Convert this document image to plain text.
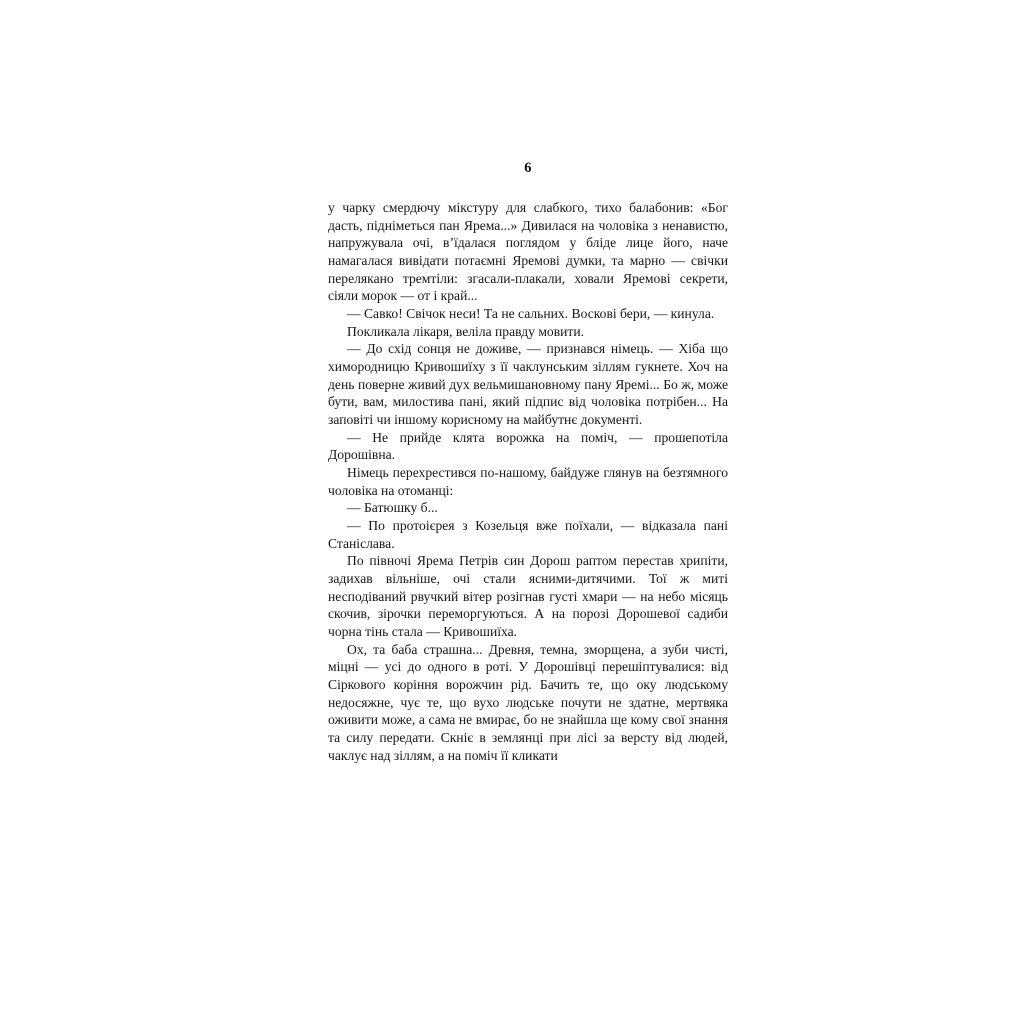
6

у чарку смердючу мікстуру для слабкого, тихо балабонив: «Бог дасть, підніметься пан Ярема...» Дивилася на чоловіка з ненавистю, напружувала очі, в’їдалася поглядом у бліде лице його, наче намагалася вивідати потаємні Яремові думки, та марно — свічки перелякано тремтіли: згасали-плакали, ховали Яремові секрети, сіяли морок — от і край...

— Савко! Свічок неси! Та не сальних. Воскові бери, — кинула.

Покликала лікаря, веліла правду мовити.

— До схід сонця не доживе, — признався німець. — Хіба що химородницю Кривошиїху з її чаклунським зіллям гукнете. Хоч на день поверне живий дух вельмишановному пану Яремі... Бо ж, може бути, вам, милостива пані, який підпис від чоловіка потрібен... На заповіті чи іншому корисному на майбутнє документі.

— Не прийде клята ворожка на поміч, — прошепотіла Дорошівна.

Німець перехрестився по-нашому, байдуже глянув на безтямного чоловіка на отоманці:

— Батюшку б...

— По протоієрея з Козельця вже поїхали, — відказала пані Станіслава.

По півночі Ярема Петрів син Дорош раптом перестав хрипіти, задихав вільніше, очі стали ясними-дитячими. Тої ж миті несподіваний рвучкий вітер розігнав густі хмари — на небо місяць скочив, зірочки переморгуються. А на порозі Дорошевої садиби чорна тінь стала — Кривошиїха.

Ох, та баба страшна... Древня, темна, зморщена, а зуби чисті, міцні — усі до одного в роті. У Дорошівці перешіптувалися: від Сіркового коріння ворожчин рід. Бачить те, що оку людському недосяжне, чує те, що вухо людське почути не здатне, мертвяка оживити може, а сама не вмирає, бо не знайшла ще кому свої знання та силу передати. Скніє в землянці при лісі за версту від людей, чаклує над зіллям, а на поміч її кликати
